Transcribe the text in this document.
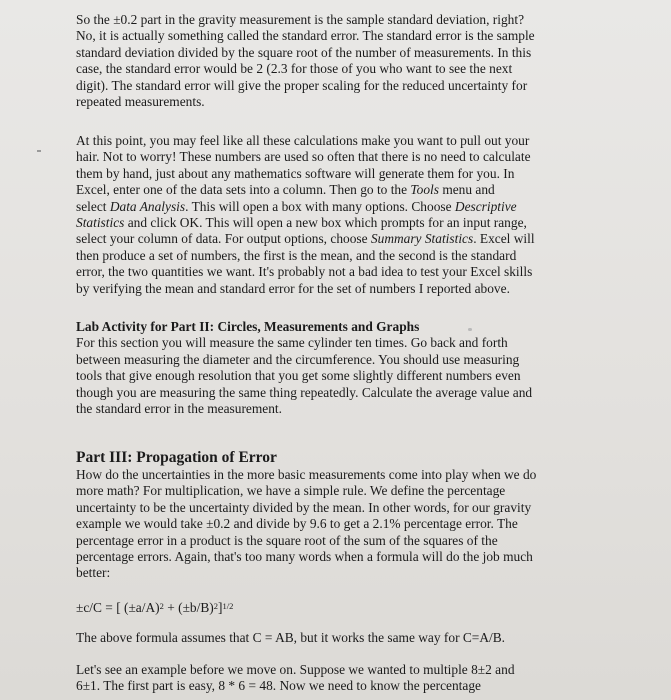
So the ±0.2 part in the gravity measurement is the sample standard deviation, right?
No, it is actually something called the standard error. The standard error is the sample
standard deviation divided by the square root of the number of measurements. In this
case, the standard error would be 2 (2.3 for those of you who want to see the next
digit). The standard error will give the proper scaling for the reduced uncertainty for
repeated measurements.
At this point, you may feel like all these calculations make you want to pull out your
hair. Not to worry! These numbers are used so often that there is no need to calculate
them by hand, just about any mathematics software will generate them for you. In
Excel, enter one of the data sets into a column. Then go to the Tools menu and
select Data Analysis. This will open a box with many options. Choose Descriptive
Statistics and click OK. This will open a new box which prompts for an input range,
select your column of data. For output options, choose Summary Statistics. Excel will
then produce a set of numbers, the first is the mean, and the second is the standard
error, the two quantities we want. It's probably not a bad idea to test your Excel skills
by verifying the mean and standard error for the set of numbers I reported above.
Lab Activity for Part II: Circles, Measurements and Graphs
For this section you will measure the same cylinder ten times. Go back and forth
between measuring the diameter and the circumference. You should use measuring
tools that give enough resolution that you get some slightly different numbers even
though you are measuring the same thing repeatedly. Calculate the average value and
the standard error in the measurement.
Part III: Propagation of Error
How do the uncertainties in the more basic measurements come into play when we do
more math? For multiplication, we have a simple rule. We define the percentage
uncertainty to be the uncertainty divided by the mean. In other words, for our gravity
example we would take ±0.2 and divide by 9.6 to get a 2.1% percentage error. The
percentage error in a product is the square root of the sum of the squares of the
percentage errors. Again, that's too many words when a formula will do the job much
better:
±c/C = [ $(\pm a/A)^2 + (\pm b/B)^2]^{1/2}$
The above formula assumes that C = AB, but it works the same way for C=A/B.
Let's see an example before we move on. Suppose we wanted to multiple 8±2 and
6±1. The first part is easy, 8 * 6 = 48. Now we need to know the percentage
